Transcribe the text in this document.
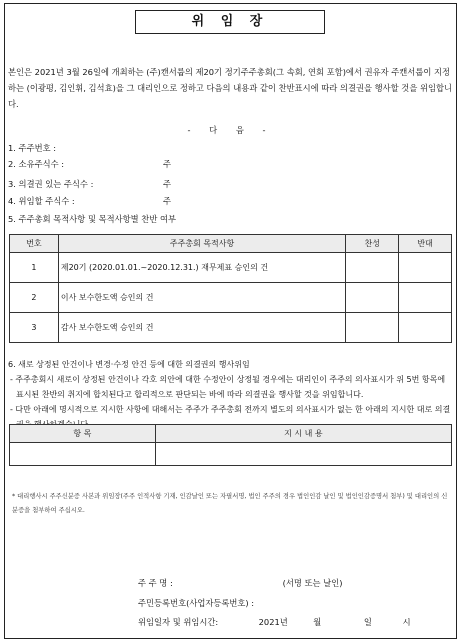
위 임 장
본인은 2021년 3월 26일에 개최하는 (주)캔서룹의 제20기 정기주주총회(그 속회, 연회 포함)에서 권유자 주캔서룹이 지정하는 (이광평, 김인휘, 김석효)을 그 대리인으로 정하고 다음의 내용과 같이 찬반표시에 따라 의결권을 행사할 것을 위임합니다.
- 다 음 -
1. 주주번호 :
2. 소유주식수 :	주
3. 의결권 있는 주식수 :	주
4. 위임할 주식수 :	주
5. 주주총회 목적사항 및 목적사항별 찬반 여부
번호	주주총회 목적사항	찬성	반대
1	제20기 (2020.01.01.~2020.12.31.) 재무제표 승인의 건		
2	이사 보수한도액 승인의 건		
3	감사 보수한도액 승인의 건		
6. 새로 상정된 안건이나 변경·수정 안건 등에 대한 의결권의 행사위임
- 주주총회시 새로이 상정된 안건이나 각호 의안에 대한 수정안이 상정될 경우에는 대리인이 주주의 의사표시가 위 5번 항목에 표시된 찬반의 취지에 합치된다고 합리적으로 판단되는 바에 따라 의결권을 행사할 것을 위임합니다.
- 다만 아래에 명시적으로 지시한 사항에 대해서는 주주가 주주총회 전까지 별도의 의사표시가 없는 한 아래의 지시한 대로 의결
항 목	지 시 내 용

* 대리행사시 주주신분증 사본과 위임장(주주 인적사항 기재, 인감날인 또는 자필서명, 법인 주주의 경우 법인인감 날인 및 법인인감증명서 첨부) 및 대리인의 신분증을 첨부하여 주십시오.
주 주 명 :	(서명 또는 날인)
주민등록번호(사업자등록번호) :
위임일자 및 위임시간:	2021년	월	일	시
